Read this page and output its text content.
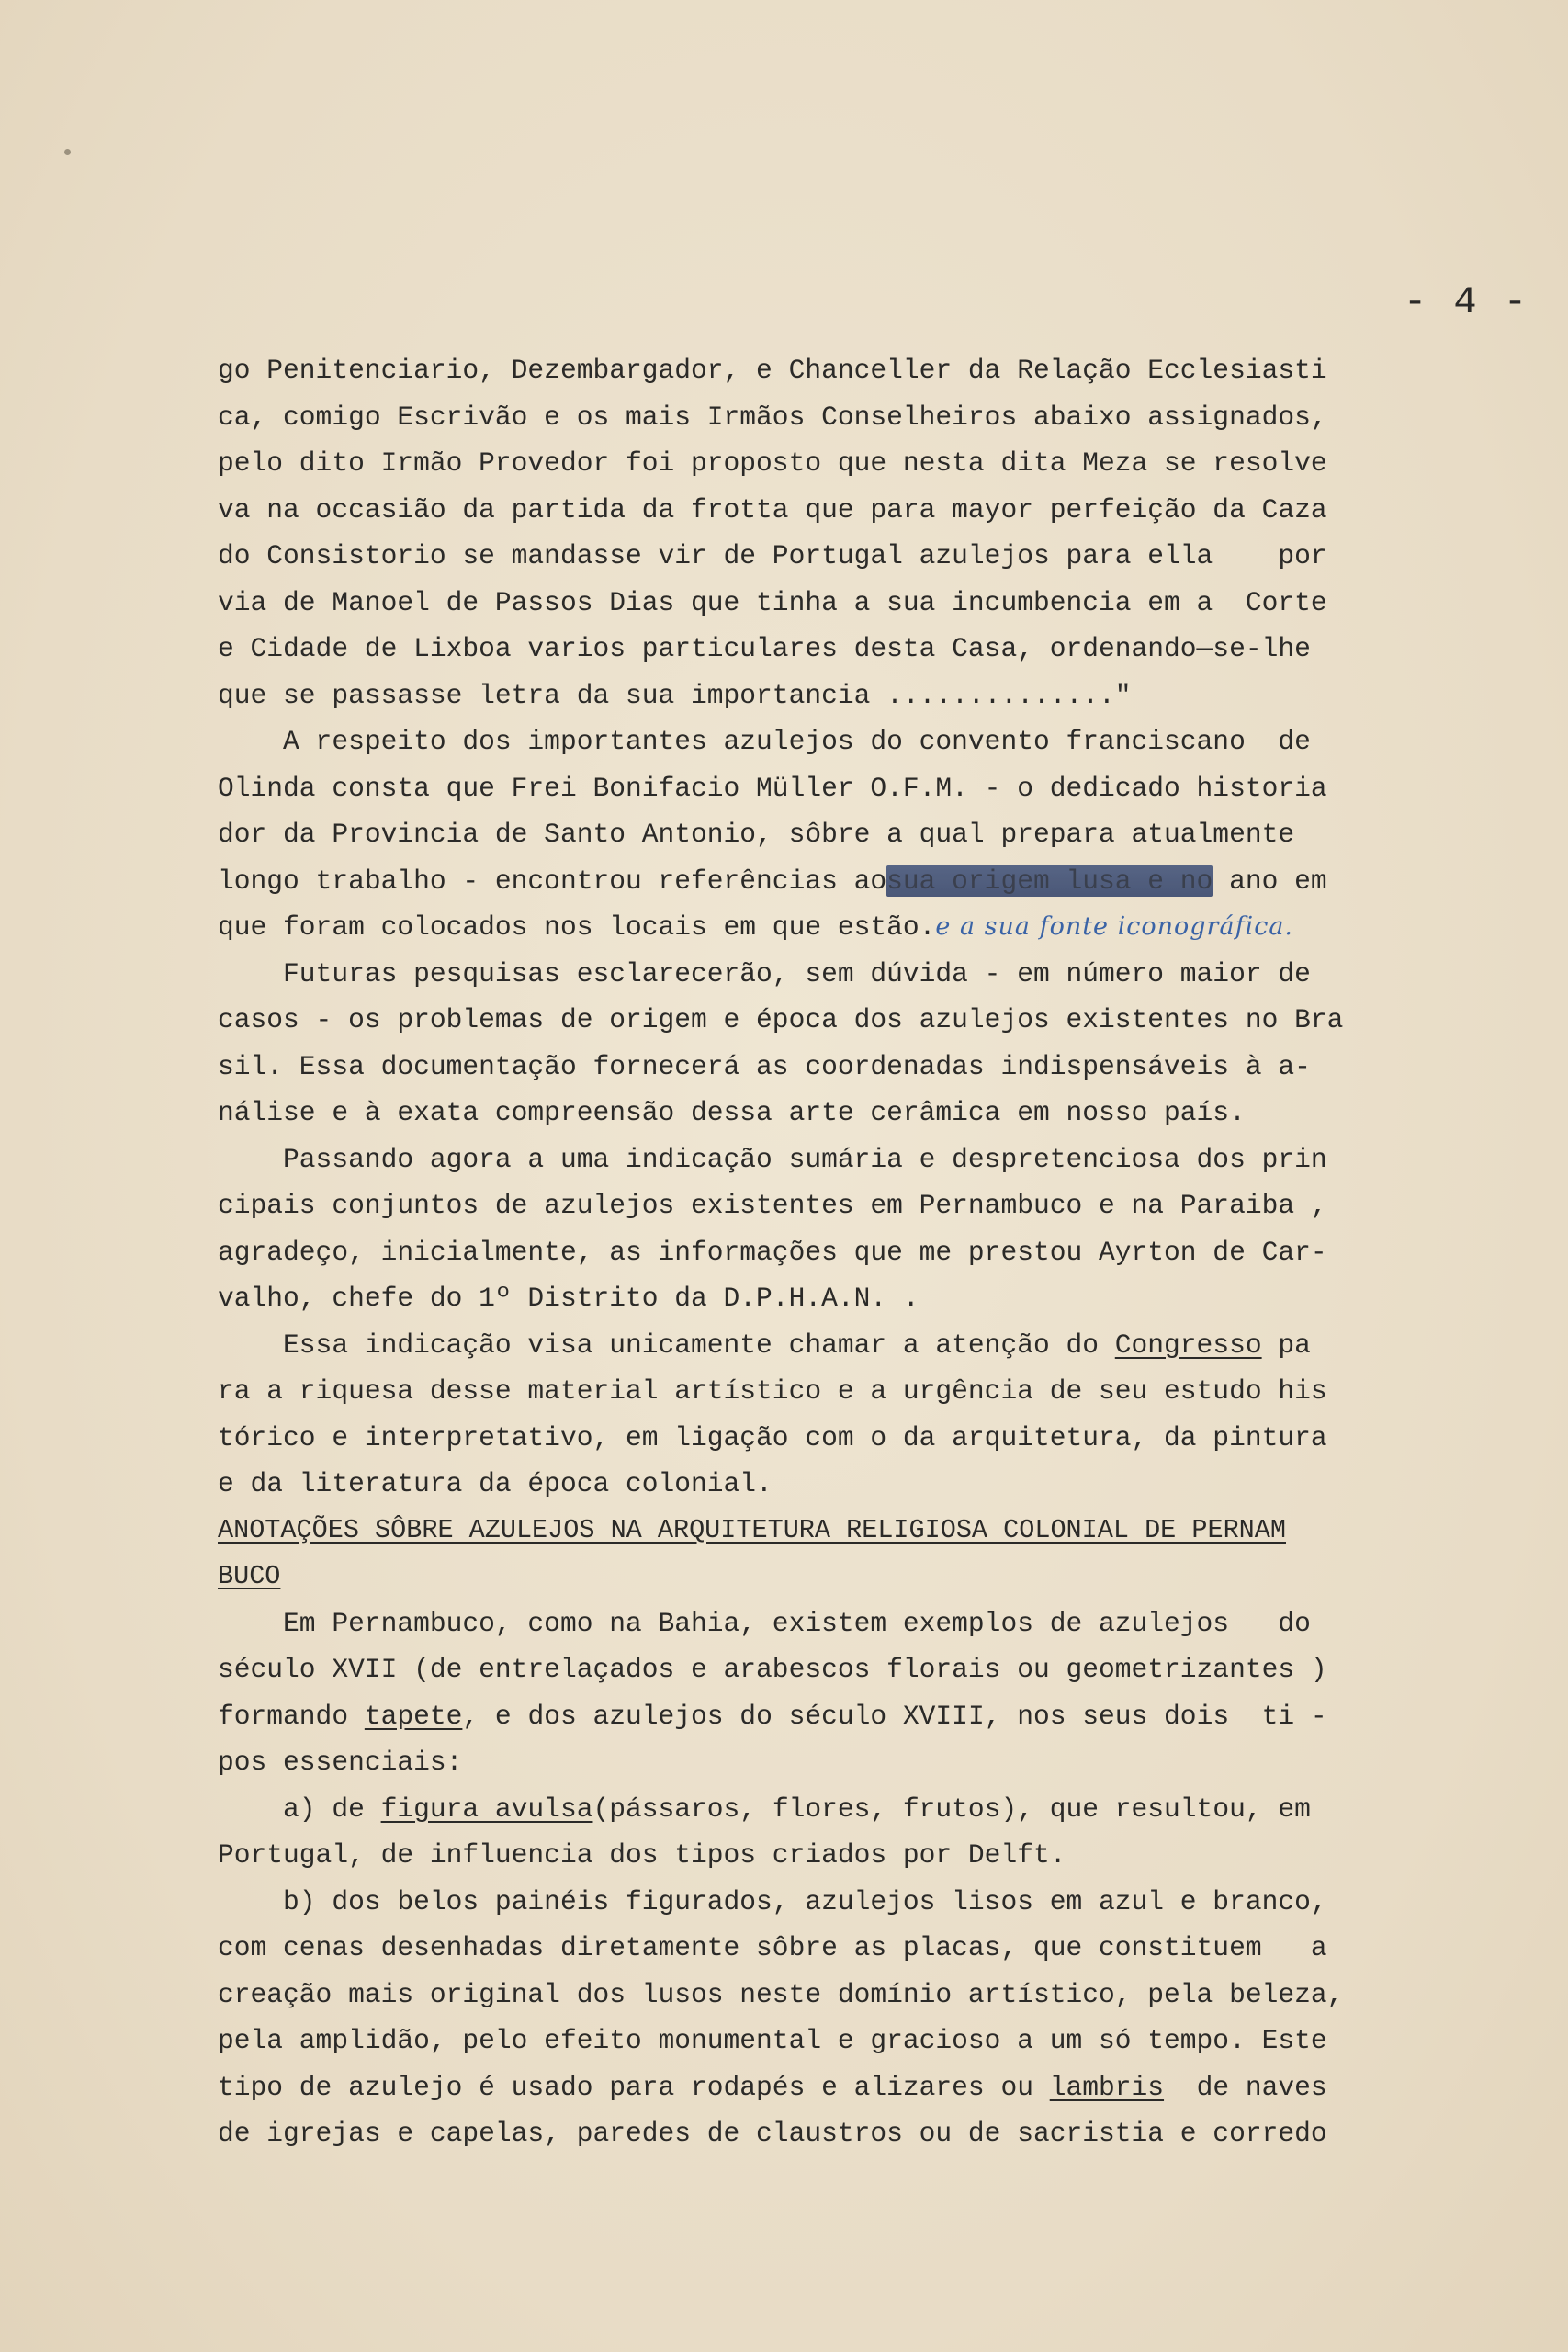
- 4 -
go Penitenciario, Dezembargador, e Chanceller da Relação Ecclesiasti
ca, comigo Escrivão e os mais Irmãos Conselheiros abaixo assignados,
pelo dito Irmão Provedor foi proposto que nesta dita Meza se resolve
va na occasião da partida da frotta que para mayor perfeição da Caza
do Consistorio se mandasse vir de Portugal azulejos para ella    por
via de Manoel de Passos Dias que tinha a sua incumbencia em a  Corte
e Cidade de Lixboa varios particulares desta Casa, ordenando—se-lhe
que se passasse letra da sua importancia .............."
A respeito dos importantes azulejos do convento franciscano  de
Olinda consta que Frei Bonifacio Müller O.F.M. - o dedicado historia
dor da Provincia de Santo Antonio, sôbre a qual prepara atualmente
longo trabalho - encontrou referências aosua origem lusa e no ano em
que foram colocados nos locais em que estão.e a sua fonte iconográfica.
Futuras pesquisas esclarecerão, sem dúvida - em número maior de
casos - os problemas de origem e época dos azulejos existentes no Bra
sil. Essa documentação fornecerá as coordenadas indispensáveis à a-
nálise e à exata compreensão dessa arte cerâmica em nosso país.
Passando agora a uma indicação sumária e despretenciosa dos prin
cipais conjuntos de azulejos existentes em Pernambuco e na Paraiba ,
agradeço, inicialmente, as informações que me prestou Ayrton de Car-
valho, chefe do 1º Distrito da D.P.H.A.N. .
Essa indicação visa unicamente chamar a atenção do Congresso pa
ra a riquesa desse material artístico e a urgência de seu estudo his
tórico e interpretativo, em ligação com o da arquitetura, da pintura
e da literatura da época colonial.
ANOTAÇÕES SÔBRE AZULEJOS NA ARQUITETURA RELIGIOSA COLONIAL DE PERNAM
BUCO
Em Pernambuco, como na Bahia, existem exemplos de azulejos   do
século XVII (de entrelaçados e arabescos florais ou geometrizantes )
formando tapete, e dos azulejos do século XVIII, nos seus dois  ti -
pos essenciais:
a) de figura avulsa(pássaros, flores, frutos), que resultou, em
Portugal, de influencia dos tipos criados por Delft.
b) dos belos painéis figurados, azulejos lisos em azul e branco,
com cenas desenhadas diretamente sôbre as placas, que constituem   a
creação mais original dos lusos neste domínio artístico, pela beleza,
pela amplidão, pelo efeito monumental e gracioso a um só tempo. Este
tipo de azulejo é usado para rodapés e alizares ou lambris  de naves
de igrejas e capelas, paredes de claustros ou de sacristia e corredo
